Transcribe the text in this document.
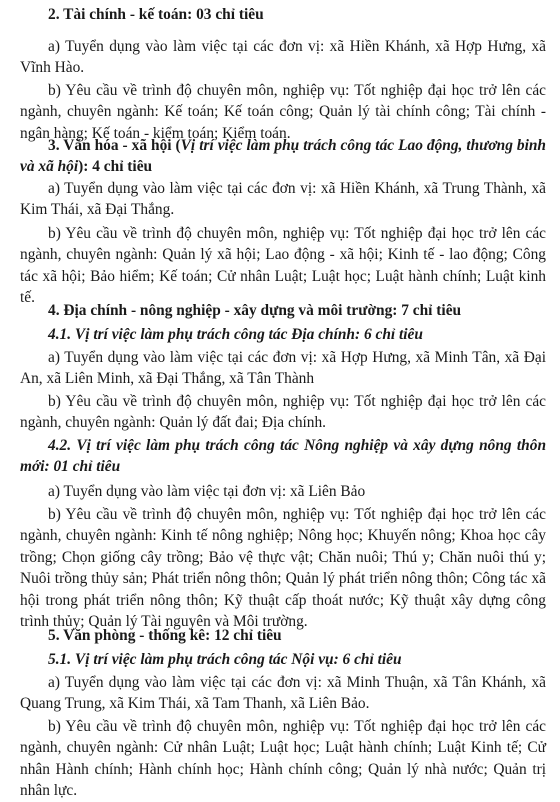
2. Tài chính - kế toán: 03 chỉ tiêu
a) Tuyển dụng vào làm việc tại các đơn vị: xã Hiền Khánh, xã Hợp Hưng, xã Vĩnh Hào.
b) Yêu cầu về trình độ chuyên môn, nghiệp vụ: Tốt nghiệp đại học trở lên các ngành, chuyên ngành: Kế toán; Kế toán công; Quản lý tài chính công; Tài chính - ngân hàng; Kế toán - kiểm toán; Kiểm toán.
3. Văn hóa - xã hội (Vị trí việc làm phụ trách công tác Lao động, thương binh và xã hội): 4 chỉ tiêu
a) Tuyển dụng vào làm việc tại các đơn vị: xã Hiền Khánh, xã Trung Thành, xã Kim Thái, xã Đại Thắng.
b) Yêu cầu về trình độ chuyên môn, nghiệp vụ: Tốt nghiệp đại học trở lên các ngành, chuyên ngành: Quản lý xã hội; Lao động - xã hội; Kinh tế - lao động; Công tác xã hội; Bảo hiểm; Kế toán; Cử nhân Luật; Luật học; Luật hành chính; Luật kinh tế.
4. Địa chính - nông nghiệp - xây dựng và môi trường: 7 chỉ tiêu
4.1. Vị trí việc làm phụ trách công tác Địa chính: 6 chỉ tiêu
a) Tuyển dụng vào làm việc tại các đơn vị: xã Hợp Hưng, xã Minh Tân, xã Đại An, xã Liên Minh, xã Đại Thắng, xã Tân Thành
b) Yêu cầu về trình độ chuyên môn, nghiệp vụ: Tốt nghiệp đại học trở lên các ngành, chuyên ngành: Quản lý đất đai; Địa chính.
4.2. Vị trí việc làm phụ trách công tác Nông nghiệp và xây dựng nông thôn mới: 01 chỉ tiêu
a) Tuyển dụng vào làm việc tại đơn vị: xã Liên Bảo
b) Yêu cầu về trình độ chuyên môn, nghiệp vụ: Tốt nghiệp đại học trở lên các ngành, chuyên ngành: Kinh tế nông nghiệp; Nông học; Khuyến nông; Khoa học cây trồng; Chọn giống cây trồng; Bảo vệ thực vật; Chăn nuôi; Thú y; Chăn nuôi thú y; Nuôi trồng thủy sản; Phát triển nông thôn; Quản lý phát triển nông thôn; Công tác xã hội trong phát triển nông thôn; Kỹ thuật cấp thoát nước; Kỹ thuật xây dựng công trình thủy; Quản lý Tài nguyên và Môi trường.
5. Văn phòng - thống kê: 12 chỉ tiêu
5.1. Vị trí việc làm phụ trách công tác Nội vụ: 6 chỉ tiêu
a) Tuyển dụng vào làm việc tại các đơn vị: xã Minh Thuận, xã Tân Khánh, xã Quang Trung, xã Kim Thái, xã Tam Thanh, xã Liên Bảo.
b) Yêu cầu về trình độ chuyên môn, nghiệp vụ: Tốt nghiệp đại học trở lên các ngành, chuyên ngành: Cử nhân Luật; Luật học; Luật hành chính; Luật Kinh tế; Cử nhân Hành chính; Hành chính học; Hành chính công; Quản lý nhà nước; Quản trị nhân lực.
